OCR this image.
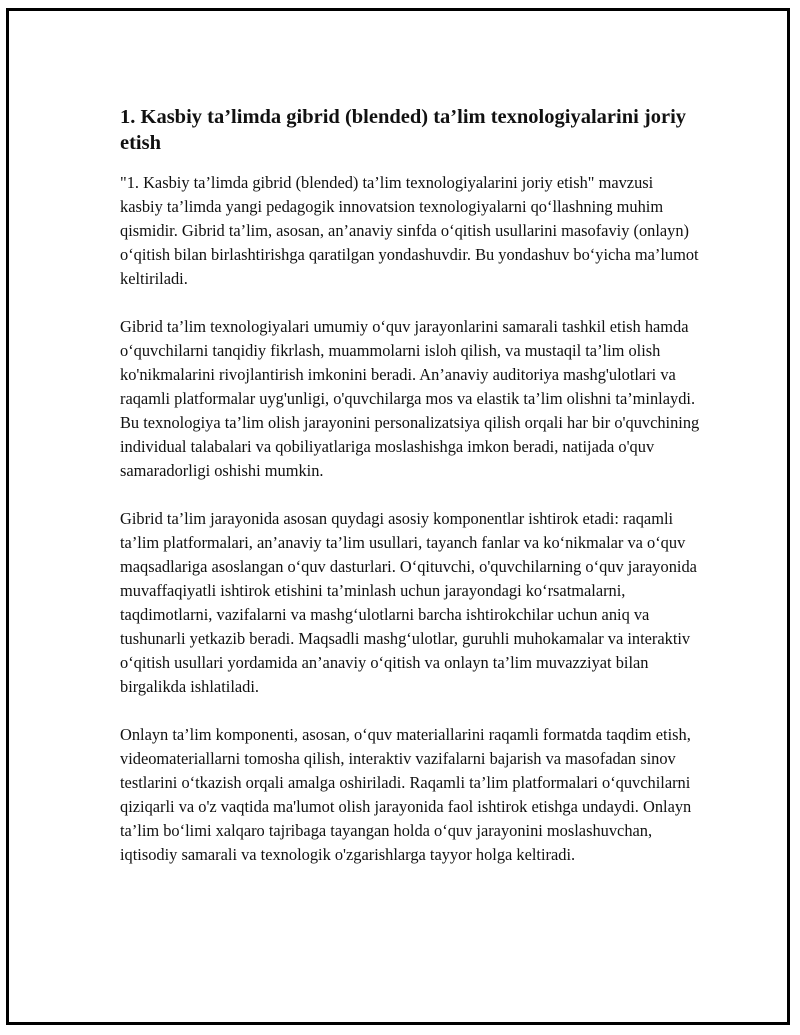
1. Kasbiy ta’limda gibrid (blended) ta’lim texnologiyalarini joriy etish

"1. Kasbiy ta’limda gibrid (blended) ta’lim texnologiyalarini joriy etish" mavzusi kasbiy ta’limda yangi pedagogik innovatsion texnologiyalarni qo‘llashning muhim qismidir. Gibrid ta’lim, asosan, an’anaviy sinfda o‘qitish usullarini masofaviy (onlayn) o‘qitish bilan birlashtirishga qaratilgan yondashuvdir. Bu yondashuv bo‘yicha ma’lumot keltiriladi.

Gibrid ta’lim texnologiyalari umumiy o‘quv jarayonlarini samarali tashkil etish hamda o‘quvchilarni tanqidiy fikrlash, muammolarni isloh qilish, va mustaqil ta’lim olish ko'nikmalarini rivojlantirish imkonini beradi. An’anaviy auditoriya mashg'ulotlari va raqamli platformalar uyg'unligi, o'quvchilarga mos va elastik ta’lim olishni ta’minlaydi. Bu texnologiya ta’lim olish jarayonini personalizatsiya qilish orqali har bir o'quvchining individual talabalari va qobiliyatlariga moslashishga imkon beradi, natijada o'quv samaradorligi oshishi mumkin.

Gibrid ta’lim jarayonida asosan quydagi asosiy komponentlar ishtirok etadi: raqamli ta’lim platformalari, an’anaviy ta’lim usullari, tayanch fanlar va ko‘nikmalar va o‘quv maqsadlariga asoslangan o‘quv dasturlari. O‘qituvchi, o'quvchilarning o‘quv jarayonida muvaffaqiyatli ishtirok etishini ta’minlash uchun jarayondagi ko‘rsatmalarni, taqdimotlarni, vazifalarni va mashg‘ulotlarni barcha ishtirokchilar uchun aniq va tushunarli yetkazib beradi. Maqsadli mashg‘ulotlar, guruhli muhokamalar va interaktiv o‘qitish usullari yordamida an’anaviy o‘qitish va onlayn ta’lim muvazziyat bilan birgalikda ishlatiladi.

Onlayn ta’lim komponenti, asosan, o‘quv materiallarini raqamli formatda taqdim etish, videomateriallarni tomosha qilish, interaktiv vazifalarni bajarish va masofadan sinov testlarini o‘tkazish orqali amalga oshiriladi. Raqamli ta’lim platformalari o‘quvchilarni qiziqarli va o'z vaqtida ma'lumot olish jarayonida faol ishtirok etishga undaydi. Onlayn ta’lim bo‘limi xalqaro tajribaga tayangan holda o‘quv jarayonini moslashuvchan, iqtisodiy samarali va texnologik o'zgarishlarga tayyor holga keltiradi.
